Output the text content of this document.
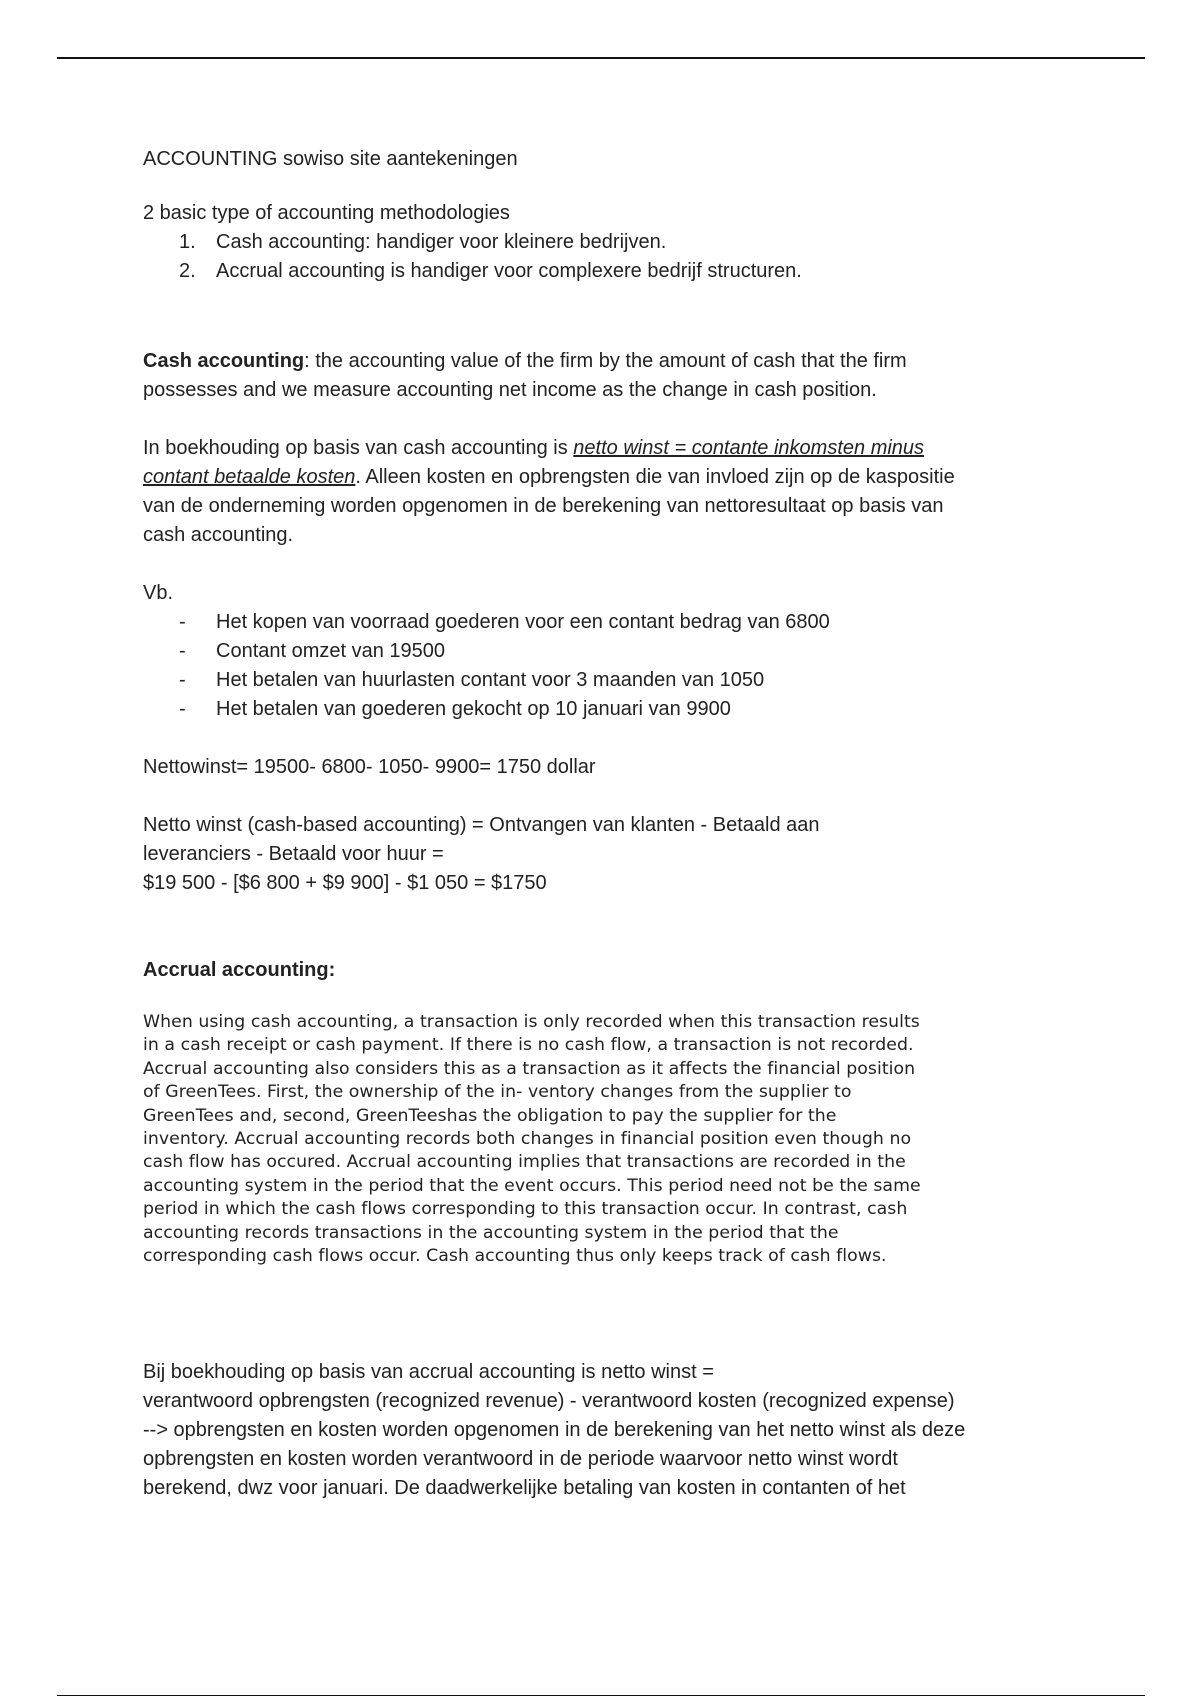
ACCOUNTING sowiso site aantekeningen

2 basic type of accounting methodologies

1. Cash accounting: handiger voor kleinere bedrijven.
2. Accrual accounting is handiger voor complexere bedrijf structuren.

Cash accounting: the accounting value of the firm by the amount of cash that the firm

possesses and we measure accounting net income as the change in cash position.

In boekhouding op basis van cash accounting is netto winst = contante inkomsten minus

contant betaalde kosten. Alleen kosten en opbrengsten die van invloed zijn op de kaspositie

van de onderneming worden opgenomen in de berekening van nettoresultaat op basis van

cash accounting.

Vb.

- Het kopen van voorraad goederen voor een contant bedrag van 6800
- Contant omzet van 19500
- Het betalen van huurlasten contant voor 3 maanden van 1050
- Het betalen van goederen gekocht op 10 januari van 9900

Nettowinst= 19500- 6800- 1050- 9900= 1750 dollar

Netto winst (cash-based accounting) = Ontvangen van klanten - Betaald aan

leveranciers - Betaald voor huur =

$19 500 - [$6 800 + $9 900] - $1 050 = $1750

Accrual accounting:

When using cash accounting, a transaction is only recorded when this transaction results
in a cash receipt or cash payment. If there is no cash flow, a transaction is not recorded.
Accrual accounting also considers this as a transaction as it affects the financial position
of GreenTees. First, the ownership of the in- ventory changes from the supplier to
GreenTees and, second, GreenTeeshas the obligation to pay the supplier for the
inventory. Accrual accounting records both changes in financial position even though no
cash flow has occured. Accrual accounting implies that transactions are recorded in the
accounting system in the period that the event occurs. This period need not be the same
period in which the cash flows corresponding to this transaction occur. In contrast, cash
accounting records transactions in the accounting system in the period that the
corresponding cash flows occur. Cash accounting thus only keeps track of cash flows.
Bij boekhouding op basis van accrual accounting is netto winst =
verantwoord opbrengsten (recognized revenue) - verantwoord kosten (recognized expense)
--> opbrengsten en kosten worden opgenomen in de berekening van het netto winst als deze
opbrengsten en kosten worden verantwoord in de periode waarvoor netto winst wordt
berekend, dwz voor januari. De daadwerkelijke betaling van kosten in contanten of het
